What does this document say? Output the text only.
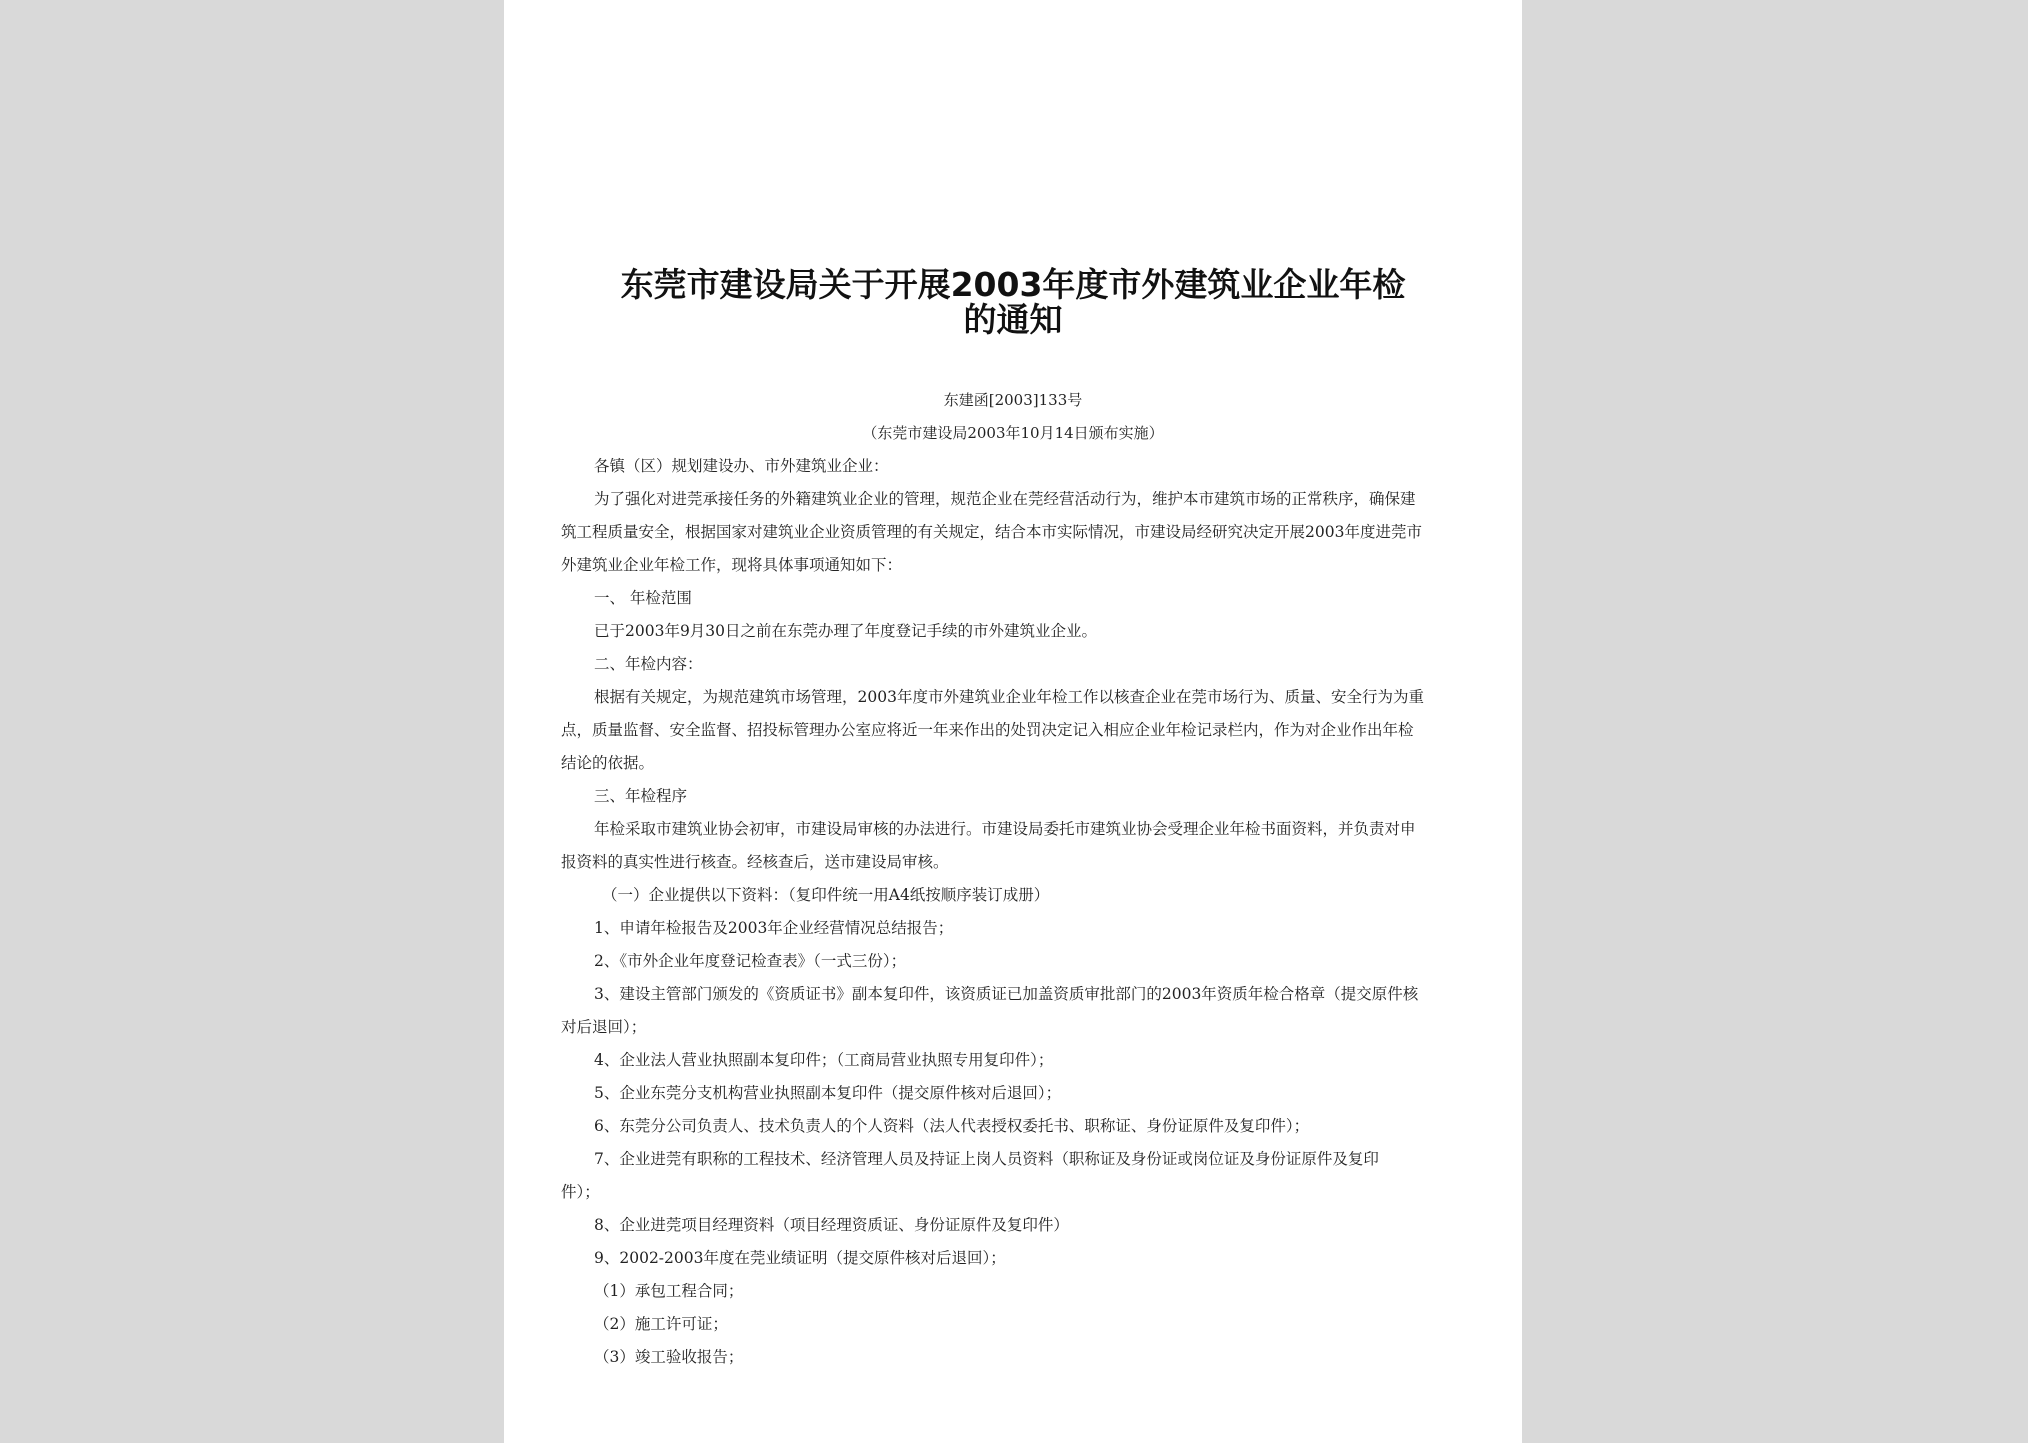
东莞市建设局关于开展2003年度市外建筑业企业年检
的通知
东建函[2003]133号
（东莞市建设局2003年10月14日颁布实施）
各镇（区）规划建设办、市外建筑业企业：
为了强化对进莞承接任务的外籍建筑业企业的管理，规范企业在莞经营活动行为，维护本市建筑市场的正常秩序，确保建
筑工程质量安全，根据国家对建筑业企业资质管理的有关规定，结合本市实际情况，市建设局经研究决定开展2003年度进莞市
外建筑业企业年检工作，现将具体事项通知如下：
一、 年检范围
已于2003年9月30日之前在东莞办理了年度登记手续的市外建筑业企业。
二、年检内容：
根据有关规定，为规范建筑市场管理，2003年度市外建筑业企业年检工作以核查企业在莞市场行为、质量、安全行为为重
点，质量监督、安全监督、招投标管理办公室应将近一年来作出的处罚决定记入相应企业年检记录栏内，作为对企业作出年检
结论的依据。
三、年检程序
年检采取市建筑业协会初审，市建设局审核的办法进行。市建设局委托市建筑业协会受理企业年检书面资料，并负责对申
报资料的真实性进行核查。经核查后，送市建设局审核。
（一）企业提供以下资料：（复印件统一用A4纸按顺序装订成册）
1、申请年检报告及2003年企业经营情况总结报告；
2、《市外企业年度登记检查表》（一式三份）；
3、建设主管部门颁发的《资质证书》副本复印件，该资质证已加盖资质审批部门的2003年资质年检合格章（提交原件核
对后退回）；
4、企业法人营业执照副本复印件；（工商局营业执照专用复印件）；
5、企业东莞分支机构营业执照副本复印件（提交原件核对后退回）；
6、东莞分公司负责人、技术负责人的个人资料（法人代表授权委托书、职称证、身份证原件及复印件）；
7、企业进莞有职称的工程技术、经济管理人员及持证上岗人员资料（职称证及身份证或岗位证及身份证原件及复印
件）；
8、企业进莞项目经理资料（项目经理资质证、身份证原件及复印件）
9、2002-2003年度在莞业绩证明（提交原件核对后退回）；
（1）承包工程合同；
（2）施工许可证；
（3）竣工验收报告；
